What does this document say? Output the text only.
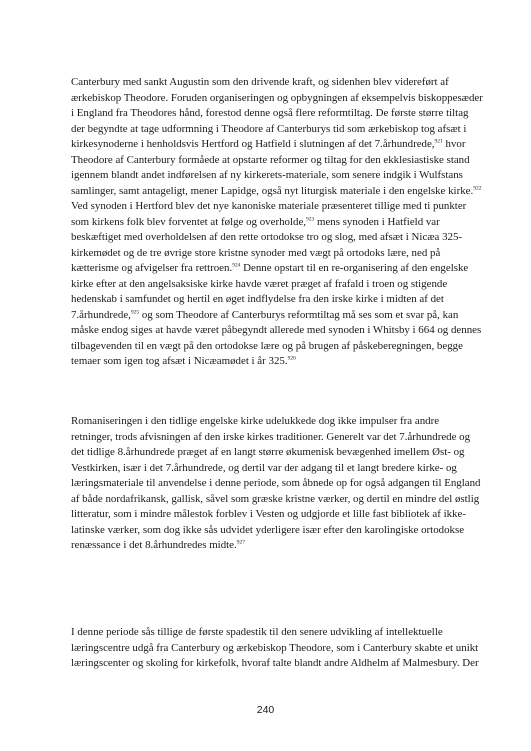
Canterbury med sankt Augustin som den drivende kraft, og sidenhen blev videreført af
ærkebiskop Theodore. Foruden organiseringen og opbygningen af eksempelvis biskoppesæder
i England fra Theodores hånd, forestod denne også flere reformtiltag. De første større tiltag
der begyndte at tage udformning i Theodore af Canterburys tid som ærkebiskop tog afsæt i
kirkesynoderne i henholdsvis Hertford og Hatfield i slutningen af det 7.århundrede,$^{921}$ hvor
Theodore af Canterbury formåede at opstarte reformer og tiltag for den ekklesiastiske stand
igennem blandt andet indførelsen af ny kirkerets-materiale, som senere indgik i Wulfstans
samlinger, samt antageligt, mener Lapidge, også nyt liturgisk materiale i den engelske kirke.$^{922}$
Ved synoden i Hertford blev det nye kanoniske materiale præsenteret tillige med ti punkter
som kirkens folk blev forventet at følge og overholde,$^{923}$ mens synoden i Hatfield var
beskæftiget med overholdelsen af den rette ortodokse tro og slog, med afsæt i Nicæa 325-
kirkemødet og de tre øvrige store kristne synoder med vægt på ortodoks lære, ned på
kætterisme og afvigelser fra rettroen.$^{924}$ Denne opstart til en re-organisering af den engelske
kirke efter at den angelsaksiske kirke havde været præget af frafald i troen og stigende
hedenskab i samfundet og hertil en øget indflydelse fra den irske kirke i midten af det
7.århundrede,$^{925}$ og som Theodore af Canterburys reformtiltag må ses som et svar på, kan
måske endog siges at havde været påbegyndt allerede med synoden i Whitsby i 664 og dennes
tilbagevenden til en vægt på den ortodokse lære og på brugen af påskeberegningen, begge
temaer som igen tog afsæt i Nicæamødet i år 325.$^{926}$
Romaniseringen i den tidlige engelske kirke udelukkede dog ikke impulser fra andre
retninger, trods afvisningen af den irske kirkes traditioner. Generelt var det 7.århundrede og
det tidlige 8.århundrede præget af en langt større økumenisk bevægenhed imellem Øst- og
Vestkirken, især i det 7.århundrede, og dertil var der adgang til et langt bredere kirke- og
læringsmateriale til anvendelse i denne periode, som åbnede op for også adgangen til England
af både nordafrikansk, gallisk, såvel som græske kristne værker, og dertil en mindre del østlig
litteratur, som i mindre målestok forblev i Vesten og udgjorde et lille fast bibliotek af ikke-
latinske værker, som dog ikke sås udvidet yderligere især efter den karolingiske ortodokse
renæssance i det 8.århundredes midte.$^{927}$
I denne periode sås tillige de første spadestik til den senere udvikling af intellektuelle
læringscentre udgå fra Canterbury og ærkebiskop Theodore, som i Canterbury skabte et unikt
læringscenter og skoling for kirkefolk, hvoraf talte blandt andre Aldhelm af Malmesbury. Der
240
